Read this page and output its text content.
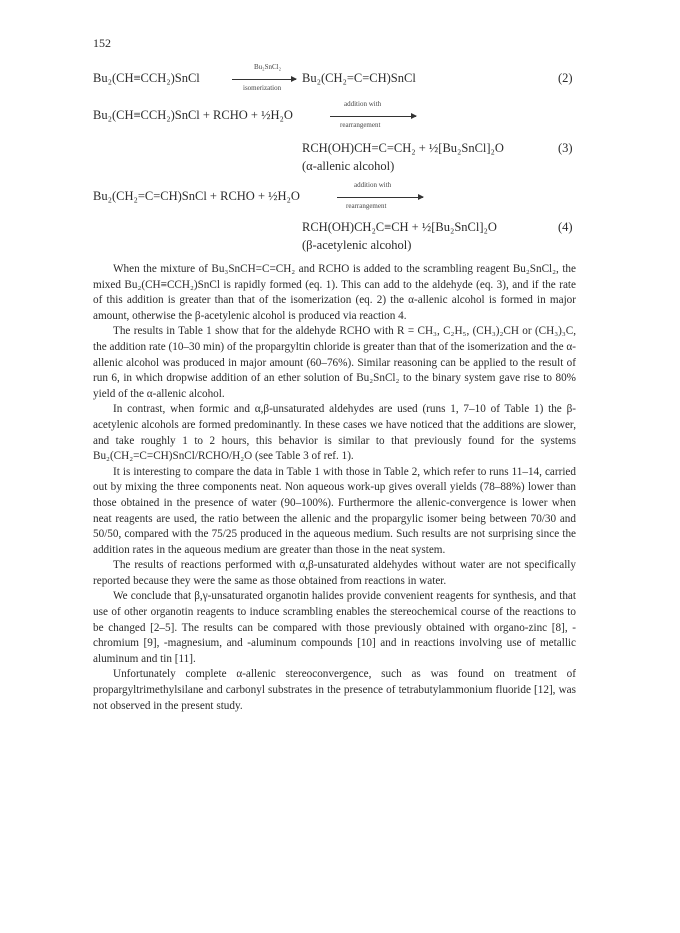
152
Bu₂(CH≡CCH₂)SnCl
Bu₂SnCl₂
isomerization
Bu₂(CH₂=C=CH)SnCl	(2)
Bu₂(CH≡CCH₂)SnCl + RCHO + ½H₂O
addition with
rearrangement
RCH(OH)CH=C=CH₂ + ½[Bu₂SnCl]₂O	(3)
(α-allenic alcohol)
Bu₂(CH₂=C=CH)SnCl + RCHO + ½H₂O
addition with
rearrangement
RCH(OH)CH₂C≡CH + ½[Bu₂SnCl]₂O	(4)
(β-acetylenic alcohol)

When the mixture of Bu₃SnCH=C=CH₂ and RCHO is added to the scrambling reagent Bu₂SnCl₂, the mixed Bu₂(CH≡CCH₂)SnCl is rapidly formed (eq. 1). This can add to the aldehyde (eq. 3), and if the rate of this addition is greater than that of the isomerization (eq. 2) the α-allenic alcohol is formed in major amount, otherwise the β-acetylenic alcohol is produced via reaction 4.

The results in Table 1 show that for the aldehyde RCHO with R = CH₃, C₂H₅, (CH₃)₂CH or (CH₃)₃C, the addition rate (10–30 min) of the propargyltin chloride is greater than that of the isomerization and the α-allenic alcohol was produced in major amount (60–76%). Similar reasoning can be applied to the result of run 6, in which dropwise addition of an ether solution of Bu₂SnCl₂ to the binary system gave rise to 80% yield of the α-allenic alcohol.

In contrast, when formic and α,β-unsaturated aldehydes are used (runs 1, 7–10 of Table 1) the β-acetylenic alcohols are formed predominantly. In these cases we have noticed that the additions are slower, and take roughly 1 to 2 hours, this behavior is similar to that previously found for the systems Bu₂(CH₂=C=CH)SnCl/RCHO/H₂O (see Table 3 of ref. 1).

It is interesting to compare the data in Table 1 with those in Table 2, which refer to runs 11–14, carried out by mixing the three components neat. Non aqueous work-up gives overall yields (78–88%) lower than those obtained in the presence of water (90–100%). Furthermore the allenic-convergence is lower when neat reagents are used, the ratio between the allenic and the propargylic isomer being between 70/30 and 50/50, compared with the 75/25 produced in the aqueous medium. Such results are not surprising since the addition rates in the aqueous medium are greater than those in the neat system.

The results of reactions performed with α,β-unsaturated aldehydes without water are not specifically reported because they were the same as those obtained from reactions in water.

We conclude that β,γ-unsaturated organotin halides provide convenient reagents for synthesis, and that use of other organotin reagents to induce scrambling enables the stereochemical course of the reactions to be changed [2–5]. The results can be compared with those previously obtained with organo-zinc [8], -chromium [9], -magnesium, and -aluminum compounds [10] and in reactions involving use of metallic aluminum and tin [11].

Unfortunately complete α-allenic stereoconvergence, such as was found on treatment of propargyltrimethylsilane and carbonyl substrates in the presence of tetrabutylammonium fluoride [12], was not observed in the present study.
